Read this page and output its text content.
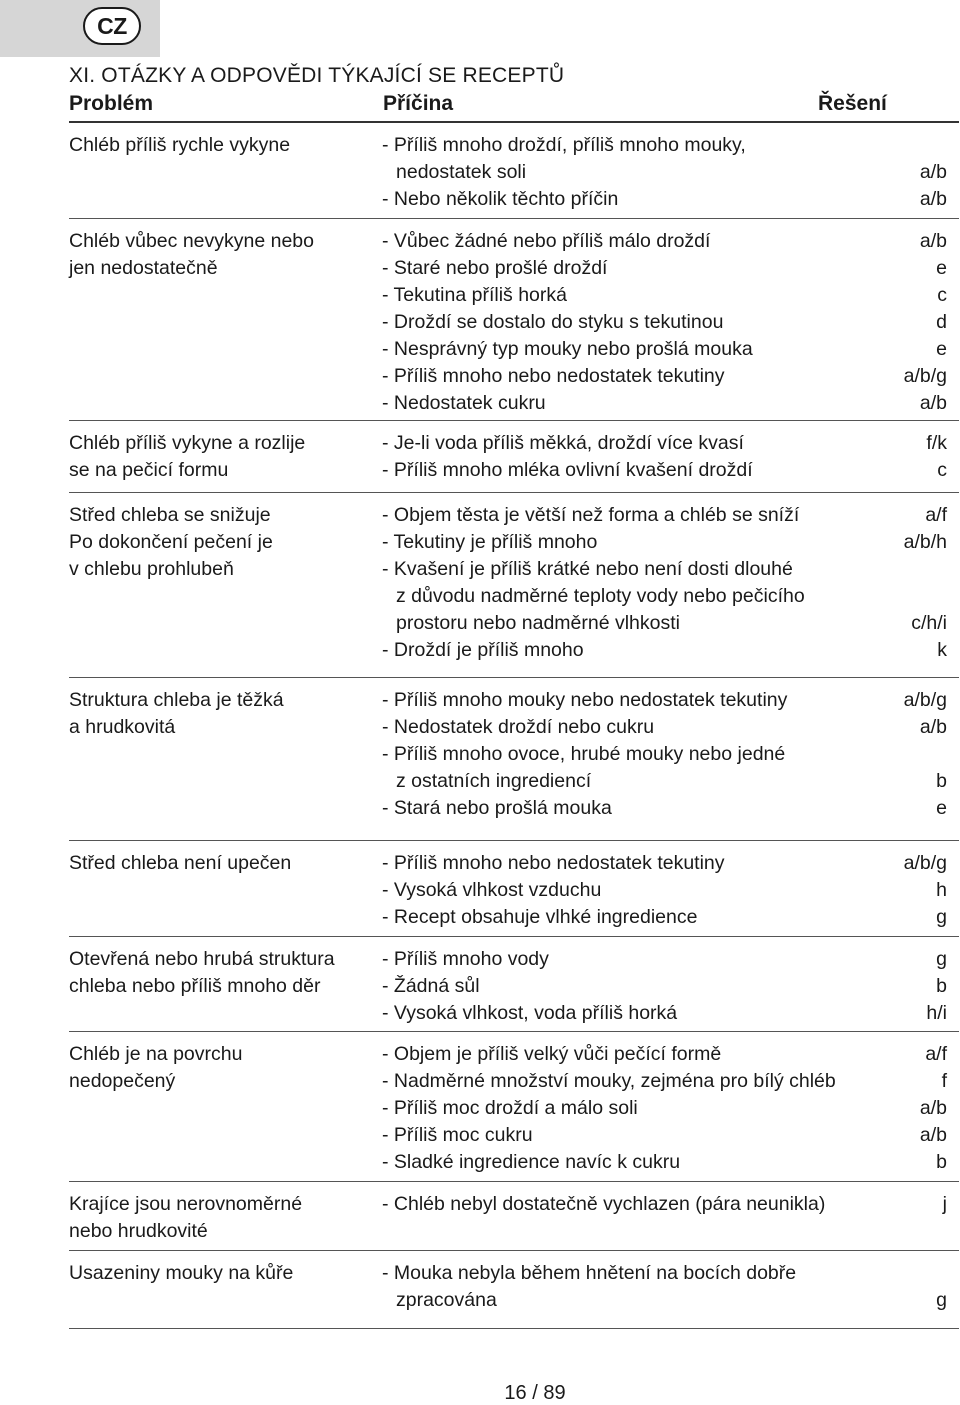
CZ
XI. OTÁZKY A ODPOVĚDI TÝKAJÍCÍ SE RECEPTŮ
Problém	Příčina	Řešení
Chléb příliš rychle vykyne	- Příliš mnoho droždí, příliš mnoho mouky,
nedostatek soli	a/b
- Nebo několik těchto příčin	a/b
Chléb vůbec nevykyne nebo
jen nedostatečně
- Vůbec žádné nebo příliš málo droždí	a/b
- Staré nebo prošlé droždí	e
- Tekutina příliš horká	c
- Droždí se dostalo do styku s tekutinou	d
- Nesprávný typ mouky nebo prošlá mouka	e
- Příliš mnoho nebo nedostatek tekutiny	a/b/g
- Nedostatek cukru	a/b
Chléb příliš vykyne a rozlije
se na pečicí formu
- Je-li voda příliš měkká, droždí více kvasí	f/k
- Příliš mnoho mléka ovlivní kvašení droždí	c
Střed chleba se snižuje
Po dokončení pečení je
v chlebu prohlubeň
- Objem těsta je větší než forma a chléb se sníží	a/f
- Tekutiny je příliš mnoho	a/b/h
- Kvašení je příliš krátké nebo není dosti dlouhé
z důvodu nadměrné teploty vody nebo pečicího
prostoru nebo nadměrné vlhkosti	c/h/i
- Droždí je příliš mnoho	k
Struktura chleba je těžká
a hrudkovitá
- Příliš mnoho mouky nebo nedostatek tekutiny	a/b/g
- Nedostatek droždí nebo cukru	a/b
- Příliš mnoho ovoce, hrubé mouky nebo jedné
z ostatních ingrediencí	b
- Stará nebo prošlá mouka	e
Střed chleba není upečen	- Příliš mnoho nebo nedostatek tekutiny	a/b/g
- Vysoká vlhkost vzduchu	h
- Recept obsahuje vlhké ingredience	g
Otevřená nebo hrubá struktura
chleba nebo příliš mnoho děr
- Příliš mnoho vody	g
- Žádná sůl	b
- Vysoká vlhkost, voda příliš horká	h/i
Chléb je na povrchu
nedopečený
- Objem je příliš velký vůči pečící formě	a/f
- Nadměrné množství mouky, zejména pro bílý chléb	f
- Příliš moc droždí a málo soli	a/b
- Příliš moc cukru	a/b
- Sladké ingredience navíc k cukru	b
Krajíce jsou nerovnoměrné
nebo hrudkovité
- Chléb nebyl dostatečně vychlazen (pára neunikla)	j
Usazeniny mouky na kůře	- Mouka nebyla během hnětení na bocích dobře
zpracována	g
16 / 89
